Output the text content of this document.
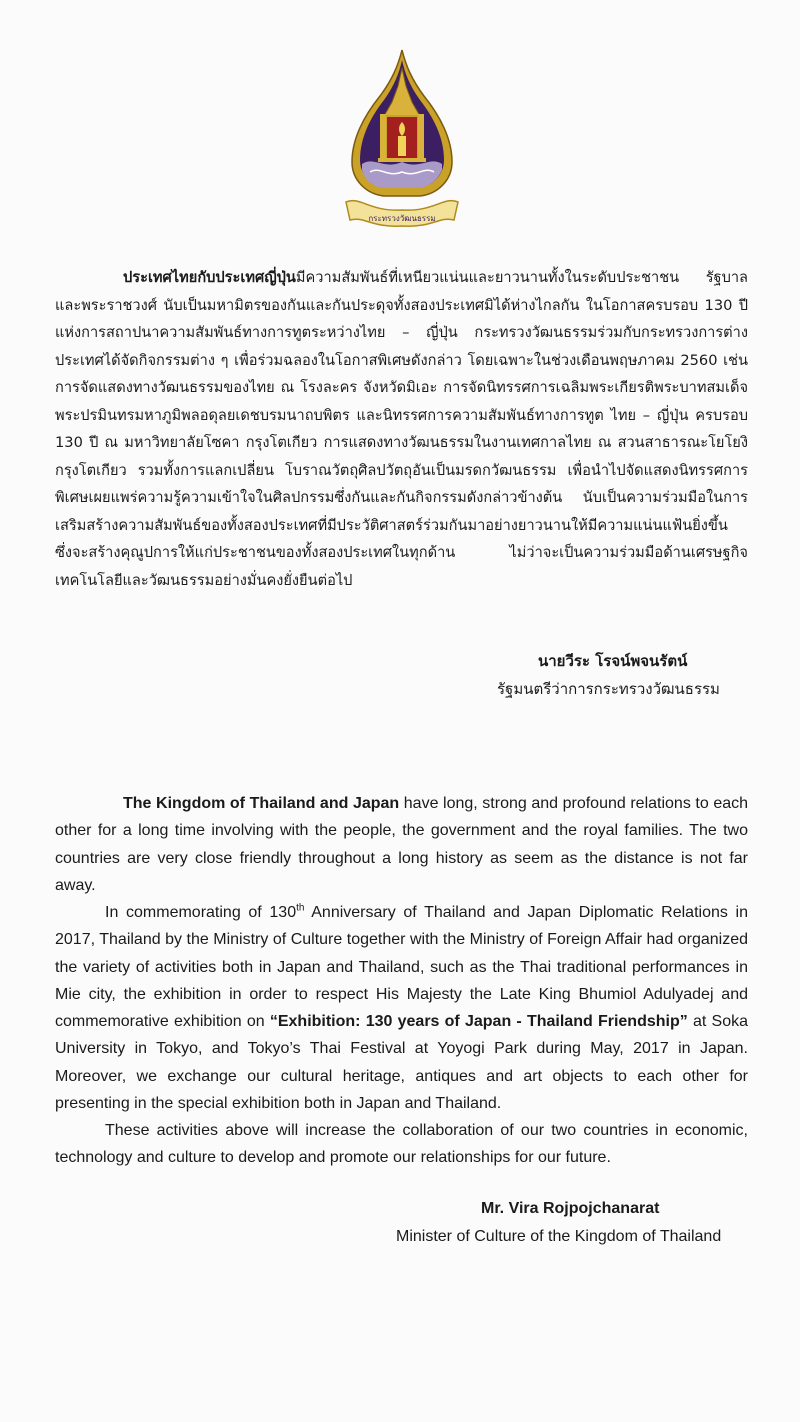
กระทรวงวัฒนธรรม

ประเทศไทยกับประเทศญี่ปุ่นมีความสัมพันธ์ที่เหนียวแน่นและยาวนานทั้งในระดับประชาชน รัฐบาล และพระราชวงศ์ นับเป็นมหามิตรของกันและกันประดุจทั้งสองประเทศมิได้ห่างไกลกัน ในโอกาสครบรอบ 130 ปี แห่งการสถาปนาความสัมพันธ์ทางการทูตระหว่างไทย – ญี่ปุ่น กระทรวงวัฒนธรรมร่วมกับกระทรวงการต่างประเทศได้จัดกิจกรรมต่าง ๆ เพื่อร่วมฉลองในโอกาสพิเศษดังกล่าว โดยเฉพาะในช่วงเดือนพฤษภาคม 2560 เช่น การจัดแสดงทางวัฒนธรรมของไทย ณ โรงละคร จังหวัดมิเอะ การจัดนิทรรศการเฉลิมพระเกียรติพระบาทสมเด็จพระปรมินทรมหาภูมิพลอดุลยเดชบรมนาถบพิตร และนิทรรศการความสัมพันธ์ทางการทูต ไทย – ญี่ปุ่น ครบรอบ 130 ปี ณ มหาวิทยาลัยโซคา กรุงโตเกียว การแสดงทางวัฒนธรรมในงานเทศกาลไทย ณ สวนสาธารณะโยโยงิ กรุงโตเกียว รวมทั้งการแลกเปลี่ยน โบราณวัตถุศิลปวัตถุอันเป็นมรดกวัฒนธรรม เพื่อนำไปจัดแสดงนิทรรศการพิเศษเผยแพร่ความรู้ความเข้าใจในศิลปกรรมซึ่งกันและกันกิจกรรมดังกล่าวข้างต้น นับเป็นความร่วมมือในการเสริมสร้างความสัมพันธ์ของทั้งสองประเทศที่มีประวัติศาสตร์ร่วมกันมาอย่างยาวนานให้มีความแน่นแฟ้นยิ่งขึ้น ซึ่งจะสร้างคุณูปการให้แก่ประชาชนของทั้งสองประเทศในทุกด้าน ไม่ว่าจะเป็นความร่วมมือด้านเศรษฐกิจเทคโนโลยีและวัฒนธรรมอย่างมั่นคงยั่งยืนต่อไป

นายวีระ โรจน์พจนรัตน์

รัฐมนตรีว่าการกระทรวงวัฒนธรรม

The Kingdom of Thailand and Japan have long, strong and profound relations to each other for a long time involving with the people, the government and the royal families. The two countries are very close friendly throughout a long history as seem as the distance is not far away.

In commemorating of 130th Anniversary of Thailand and Japan Diplomatic Relations in 2017, Thailand by the Ministry of Culture together with the Ministry of Foreign Affair had organized the variety of activities both in Japan and Thailand, such as the Thai traditional performances in Mie city, the exhibition in order to respect His Majesty the Late King Bhumiol Adulyadej and commemorative exhibition on “Exhibition: 130 years of Japan - Thailand Friendship” at Soka University in Tokyo, and Tokyo’s Thai Festival at Yoyogi Park during May, 2017 in Japan. Moreover, we exchange our cultural heritage, antiques and art objects to each other for presenting in the special exhibition both in Japan and Thailand.

These activities above will increase the collaboration of our two countries in economic, technology and culture to develop and promote our relationships for our future.

Mr. Vira Rojpojchanarat

Minister of Culture of the Kingdom of Thailand
